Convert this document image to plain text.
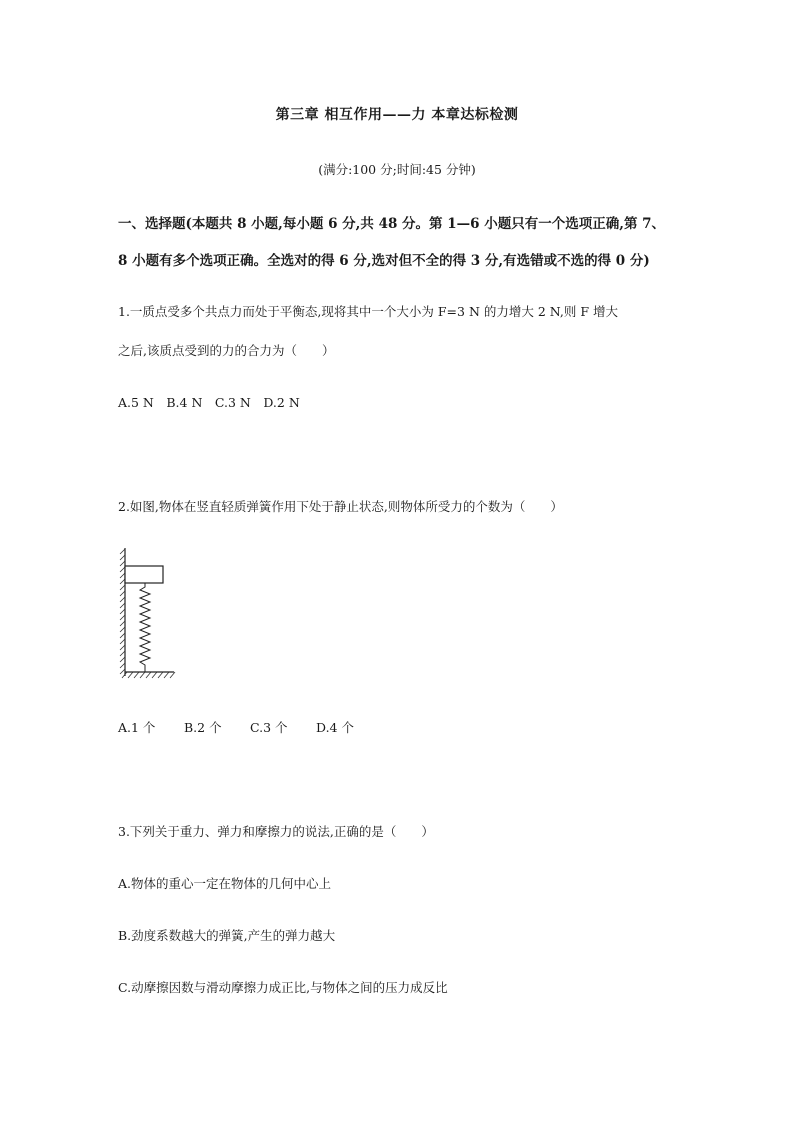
第三章 相互作用——力 本章达标检测
(满分:100 分;时间:45 分钟)
一、选择题(本题共 8 小题,每小题 6 分,共 48 分。第 1—6 小题只有一个选项正确,第 7、
8 小题有多个选项正确。全选对的得 6 分,选对但不全的得 3 分,有选错或不选的得 0 分)
1.一质点受多个共点力而处于平衡态,现将其中一个大小为 F=3 N 的力增大 2 N,则 F 增大
之后,该质点受到的力的合力为（　　）
A.5 N　B.4 N　C.3 N　D.2 N
2.如图,物体在竖直轻质弹簧作用下处于静止状态,则物体所受力的个数为（　　）
A.1 个 B.2 个 C.3 个 D.4 个
3.下列关于重力、弹力和摩擦力的说法,正确的是（　　）
A.物体的重心一定在物体的几何中心上
B.劲度系数越大的弹簧,产生的弹力越大
C.动摩擦因数与滑动摩擦力成正比,与物体之间的压力成反比
